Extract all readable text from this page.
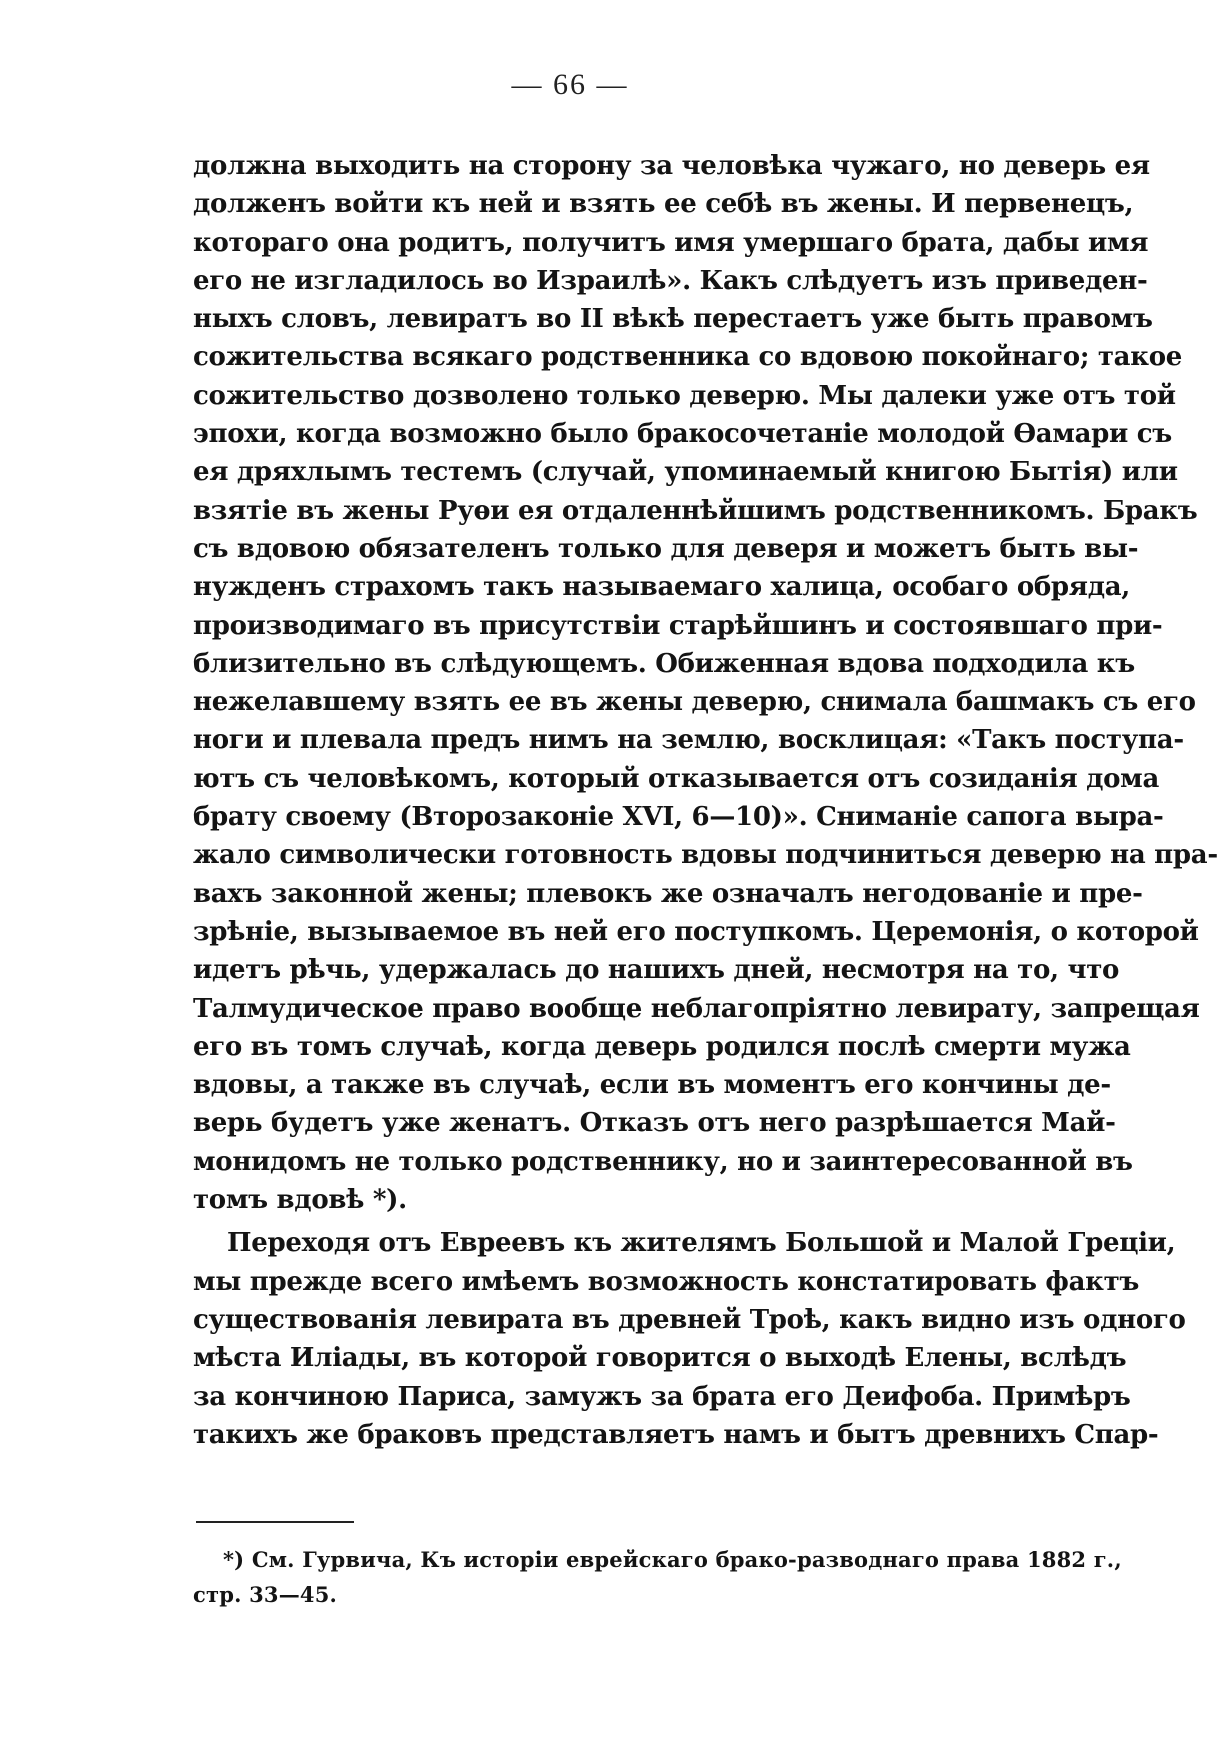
— 66 —
должна выходить на сторону за человѣка чужаго, но деверь ея
долженъ войти къ ней и взять ее себѣ въ жены. И первенецъ,
котораго она родитъ, получитъ имя умершаго брата, дабы имя
его не изгладилось во Израилѣ». Какъ слѣдуетъ изъ приведен-
ныхъ словъ, левиратъ во II вѣкѣ перестаетъ уже быть правомъ
сожительства всякаго родственника со вдовою покойнаго; такое
сожительство дозволено только деверю. Мы далеки уже отъ той
эпохи, когда возможно было бракосочетаніе молодой Ѳамари съ
ея дряхлымъ тестемъ (случай, упоминаемый книгою Бытія) или
взятіе въ жены Руѳи ея отдаленнѣйшимъ родственникомъ. Бракъ
съ вдовою обязателенъ только для деверя и можетъ быть вы-
нужденъ страхомъ такъ называемаго халица, особаго обряда,
производимаго въ присутствіи старѣйшинъ и состоявшаго при-
близительно въ слѣдующемъ. Обиженная вдова подходила къ
нежелавшему взять ее въ жены деверю, снимала башмакъ съ его
ноги и плевала предъ нимъ на землю, восклицая: «Такъ поступа-
ютъ съ человѣкомъ, который отказывается отъ созиданія дома
брату своему (Второзаконіе XVI, 6—10)». Сниманіе сапога выра-
жало символически готовность вдовы подчиниться деверю на пра-
вахъ законной жены; плевокъ же означалъ негодованіе и пре-
зрѣніе, вызываемое въ ней его поступкомъ. Церемонія, о которой
идетъ рѣчь, удержалась до нашихъ дней, несмотря на то, что
Талмудическое право вообще неблагопріятно левирату, запрещая
его въ томъ случаѣ, когда деверь родился послѣ смерти мужа
вдовы, а также въ случаѣ, если въ моментъ его кончины де-
верь будетъ уже женатъ. Отказъ отъ него разрѣшается Май-
монидомъ не только родственнику, но и заинтересованной въ
томъ вдовѣ *).
Переходя отъ Евреевъ къ жителямъ Большой и Малой Греціи,
мы прежде всего имѣемъ возможность констатировать фактъ
существованія левирата въ древней Троѣ, какъ видно изъ одного
мѣста Иліады, въ которой говорится о выходѣ Елены, вслѣдъ
за кончиною Париса, замужъ за брата его Деифоба. Примѣръ
такихъ же браковъ представляетъ намъ и бытъ древнихъ Спар-
*) См. Гурвича, Къ исторіи еврейскаго брако-разводнаго права 1882 г.,
стр. 33—45.
